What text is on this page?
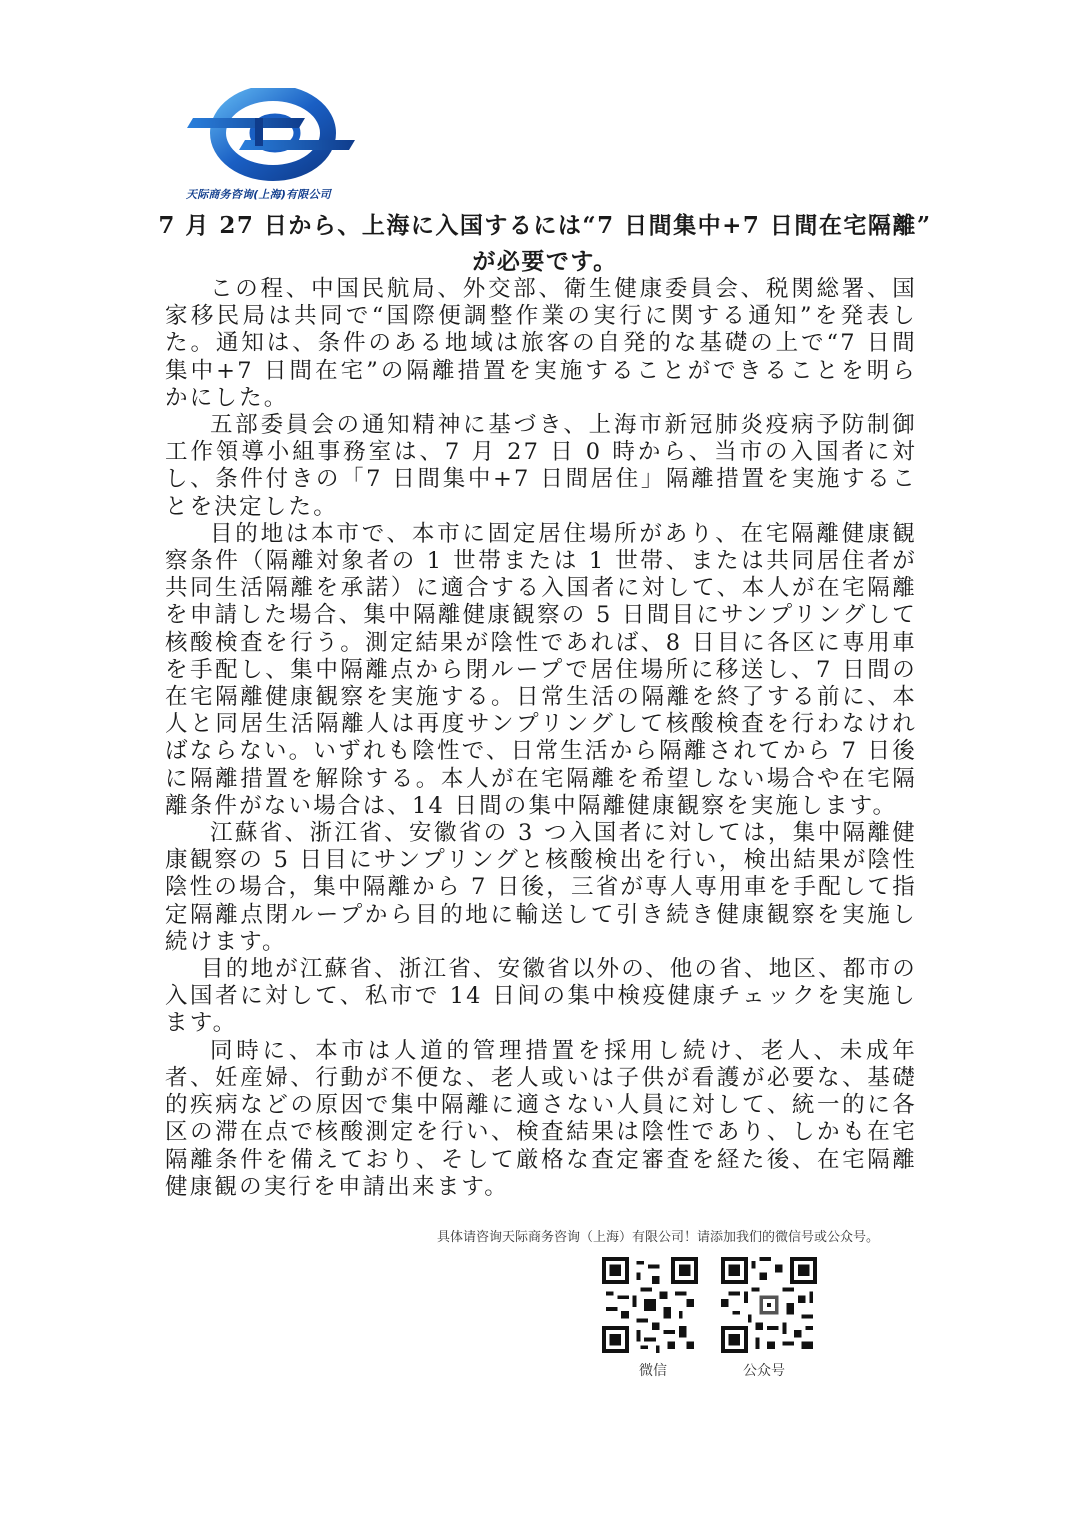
天际商务咨询(上海)有限公司
7 月 27 日から、上海に入国するには“7 日間集中+7 日間在宅隔離”
が必要です。

この程、中国民航局、外交部、衛生健康委員会、税関総署、国家移民局は共同で“国際便調整作業の実行に関する通知”を発表した。通知は、条件のある地域は旅客の自発的な基礎の上で“7 日間集中+7 日間在宅”の隔離措置を実施することができることを明らかにした。

五部委員会の通知精神に基づき、上海市新冠肺炎疫病予防制御工作領導小組事務室は、7 月 27 日 0 時から、当市の入国者に対し、条件付きの「7 日間集中+7 日間居住」隔離措置を実施することを決定した。

目的地は本市で、本市に固定居住場所があり、在宅隔離健康観察条件（隔離対象者の 1 世帯または 1 世帯、または共同居住者が共同生活隔離を承諾）に適合する入国者に対して、本人が在宅隔離を申請した場合、集中隔離健康観察の 5 日間目にサンプリングして核酸検査を行う。測定結果が陰性であれば、8 日目に各区に専用車を手配し、集中隔離点から閉ループで居住場所に移送し、7 日間の在宅隔離健康観察を実施する。日常生活の隔離を終了する前に、本人と同居生活隔離人は再度サンプリングして核酸検査を行わなければならない。いずれも陰性で、日常生活から隔離されてから 7 日後に隔離措置を解除する。本人が在宅隔離を希望しない場合や在宅隔離条件がない場合は、14 日間の集中隔離健康観察を実施します。

江蘇省、浙江省、安徽省の 3 つ入国者に対しては，集中隔離健康観察の 5 日目にサンプリングと核酸検出を行い，検出結果が陰性陰性の場合，集中隔離から 7 日後，三省が専人専用車を手配して指定隔離点閉ループから目的地に輸送して引き続き健康観察を実施し続けます。

目的地が江蘇省、浙江省、安徽省以外の、他の省、地区、都市の入国者に対して、私市で 14 日间の集中検疫健康チェックを実施します。

同時に、本市は人道的管理措置を採用し続け、老人、未成年者、妊産婦、行動が不便な、老人或いは子供が看護が必要な、基礎的疾病などの原因で集中隔離に適さない人員に対して、統一的に各区の滞在点で核酸測定を行い、検査結果は陰性であり、しかも在宅隔離条件を備えており、そして厳格な査定審査を経た後、在宅隔離健康観の実行を申請出来ます。

具体请咨询天际商务咨询（上海）有限公司！请添加我们的微信号或公众号。
微信	公众号
